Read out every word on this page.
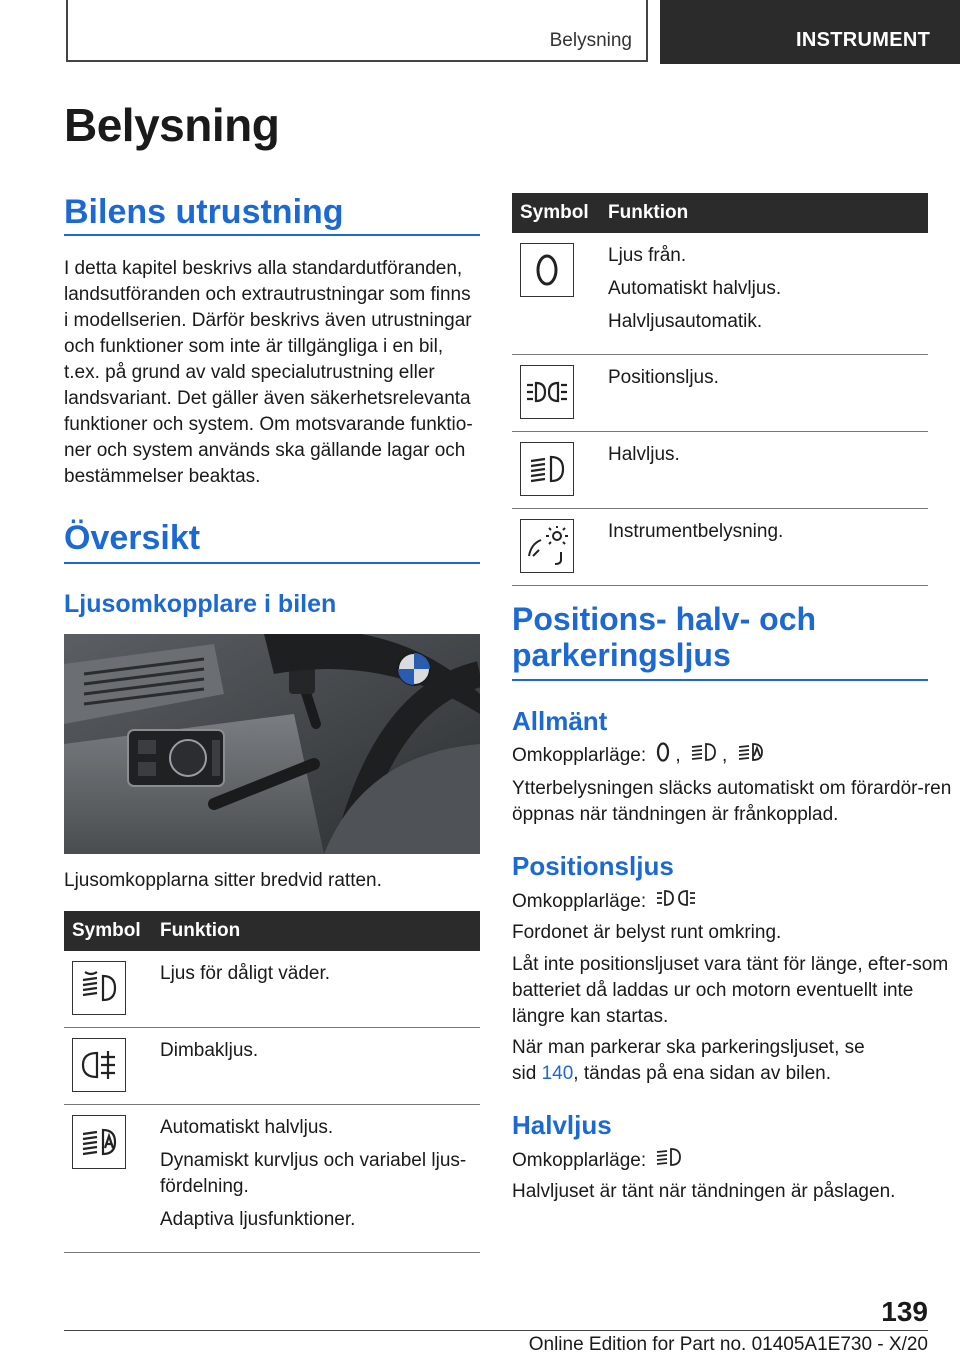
Belysning	INSTRUMENT
Belysning
Bilens utrustning

I detta kapitel beskrivs alla standardutföranden, landsutföranden och extrautrustningar som finns i modellserien. Därför beskrivs även utrustningar och funktioner som inte är tillgängliga i en bil, t.ex. på grund av vald specialutrustning eller landsvariant. Det gäller även säkerhetsrelevanta funktioner och system. Om motsvarande funktio-ner och system används ska gällande lagar och bestämmelser beaktas.

Översikt
Ljusomkopplare i bilen

Ljusomkopplarna sitter bredvid ratten.

Symbol	Funktion

Ljus för dåligt väder.

Dimbakljus.

Automatiskt halvljus.
Dynamiskt kurvljus och variabel ljus-fördelning.
Adaptiva ljusfunktioner.
Symbol	Funktion

Ljus från.
Automatiskt halvljus.
Halvljusautomatik.

Positionsljus.

Halvljus.

Instrumentbelysning.
Positions- halv- och parkeringsljus
Allmänt
Omkopplarläge: , ,

Ytterbelysningen släcks automatiskt om förardör-ren öppnas när tändningen är frånkopplad.

Positionsljus
Omkopplarläge:

Fordonet är belyst runt omkring.

Låt inte positionsljuset vara tänt för länge, efter-som batteriet då laddas ur och motorn eventuellt inte längre kan startas.

När man parkerar ska parkeringsljuset, se sid 140, tändas på ena sidan av bilen.

Halvljus
Omkopplarläge:

Halvljuset är tänt när tändningen är påslagen.

139
Online Edition for Part no. 01405A1E730 - X/20
